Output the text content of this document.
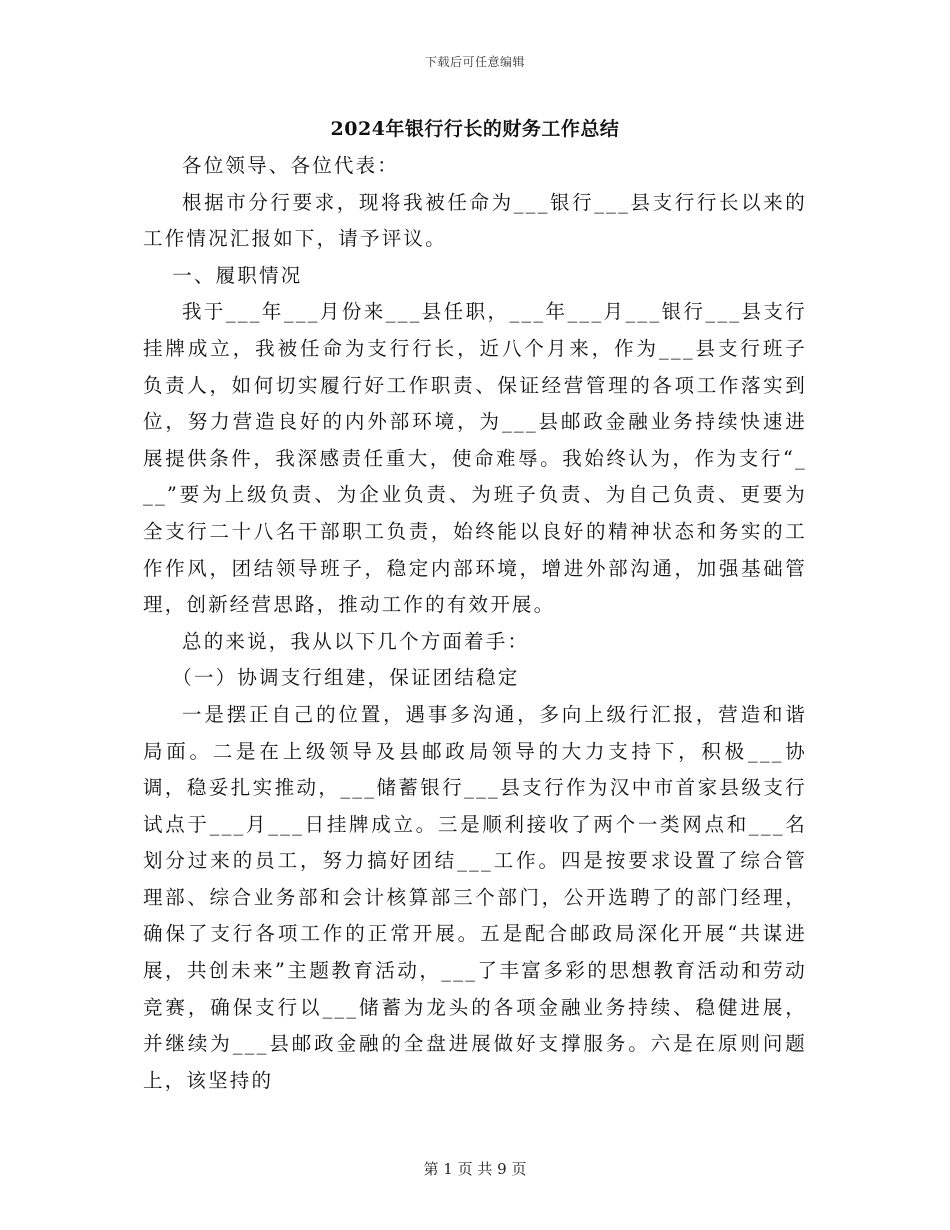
下载后可任意编辑
2024年银行行长的财务工作总结

各位领导、各位代表：

根据市分行要求，现将我被任命为___银行___县支行行长以来的工作情况汇报如下，请予评议。

一、履职情况

我于___年___月份来___县任职，___年___月___银行___县支行挂牌成立，我被任命为支行行长，近八个月来，作为___县支行班子负责人，如何切实履行好工作职责、保证经营管理的各项工作落实到位，努力营造良好的内外部环境，为___县邮政金融业务持续快速进展提供条件，我深感责任重大，使命难辱。我始终认为，作为支行“___”要为上级负责、为企业负责、为班子负责、为自己负责、更要为全支行二十八名干部职工负责，始终能以良好的精神状态和务实的工作作风，团结领导班子，稳定内部环境，增进外部沟通，加强基础管理，创新经营思路，推动工作的有效开展。

总的来说，我从以下几个方面着手：

（一）协调支行组建，保证团结稳定

一是摆正自己的位置，遇事多沟通，多向上级行汇报，营造和谐局面。二是在上级领导及县邮政局领导的大力支持下，积极___协调，稳妥扎实推动，___储蓄银行___县支行作为汉中市首家县级支行试点于___月___日挂牌成立。三是顺利接收了两个一类网点和___名划分过来的员工，努力搞好团结___工作。四是按要求设置了综合管理部、综合业务部和会计核算部三个部门，公开选聘了的部门经理，确保了支行各项工作的正常开展。五是配合邮政局深化开展“共谋进展，共创未来”主题教育活动，___了丰富多彩的思想教育活动和劳动竞赛，确保支行以___储蓄为龙头的各项金融业务持续、稳健进展，并继续为___县邮政金融的全盘进展做好支撑服务。六是在原则问题上，该坚持的

第 1 页 共 9 页
